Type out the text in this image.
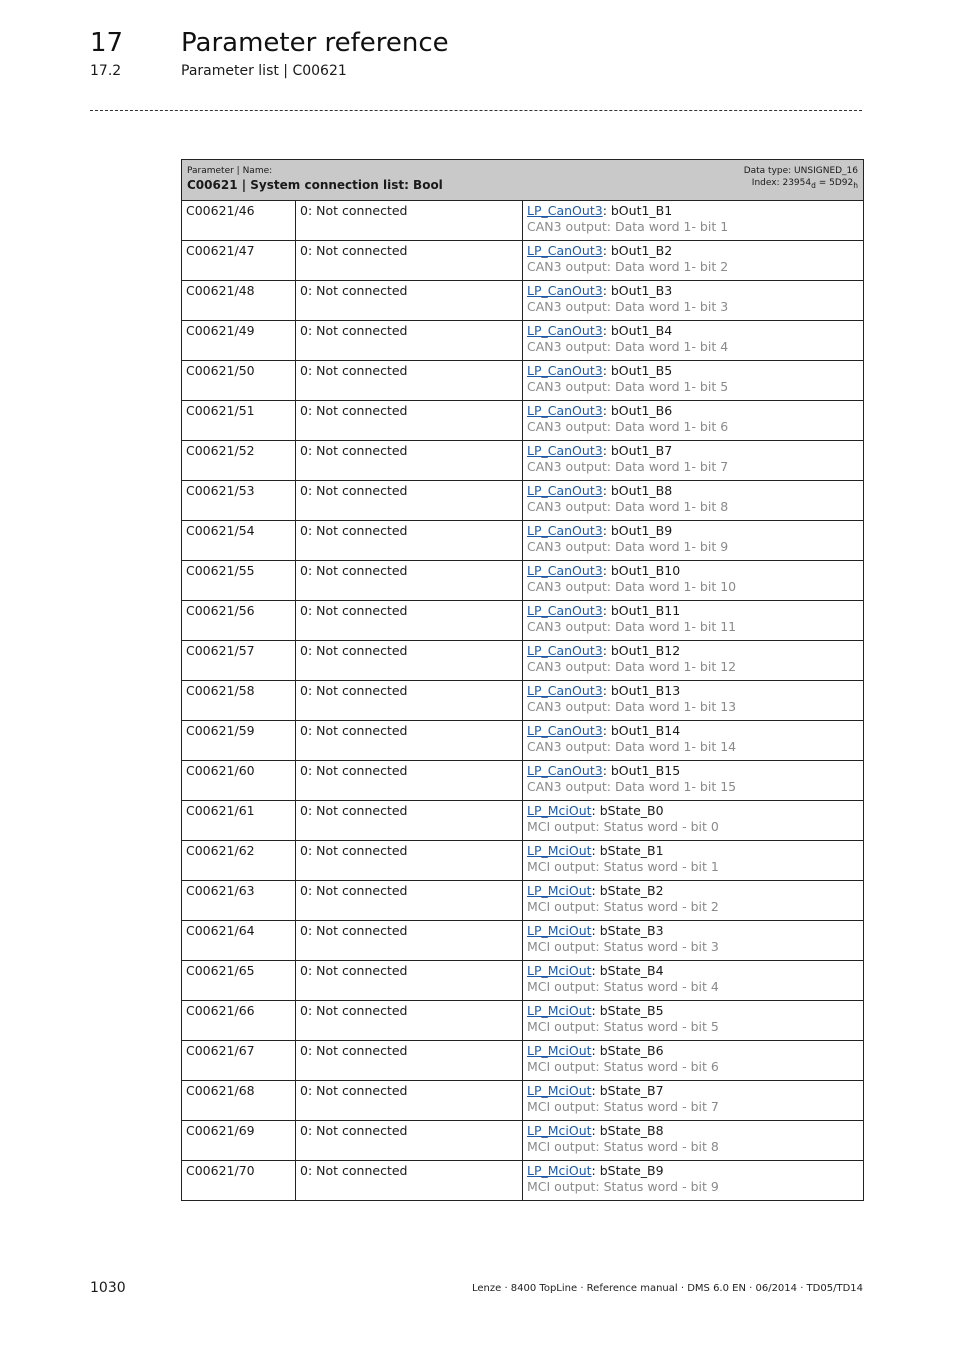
17 Parameter reference
17.2	Parameter list | C00621
Parameter | Name:
C00621 | System connection list: Bool
Data type: UNSIGNED_16
Index: $23954_d = 5D92_h$

C00621/46	0: Not connected	LP_CanOut3: bOut1_B1
CAN3 output: Data word 1- bit 1

C00621/47	0: Not connected	LP_CanOut3: bOut1_B2
CAN3 output: Data word 1- bit 2

C00621/48	0: Not connected	LP_CanOut3: bOut1_B3
CAN3 output: Data word 1- bit 3

C00621/49	0: Not connected	LP_CanOut3: bOut1_B4
CAN3 output: Data word 1- bit 4

C00621/50	0: Not connected	LP_CanOut3: bOut1_B5
CAN3 output: Data word 1- bit 5

C00621/51	0: Not connected	LP_CanOut3: bOut1_B6
CAN3 output: Data word 1- bit 6

C00621/52	0: Not connected	LP_CanOut3: bOut1_B7
CAN3 output: Data word 1- bit 7

C00621/53	0: Not connected	LP_CanOut3: bOut1_B8
CAN3 output: Data word 1- bit 8

C00621/54	0: Not connected	LP_CanOut3: bOut1_B9
CAN3 output: Data word 1- bit 9

C00621/55	0: Not connected	LP_CanOut3: bOut1_B10
CAN3 output: Data word 1- bit 10

C00621/56	0: Not connected	LP_CanOut3: bOut1_B11
CAN3 output: Data word 1- bit 11

C00621/57	0: Not connected	LP_CanOut3: bOut1_B12
CAN3 output: Data word 1- bit 12

C00621/58	0: Not connected	LP_CanOut3: bOut1_B13
CAN3 output: Data word 1- bit 13

C00621/59	0: Not connected	LP_CanOut3: bOut1_B14
CAN3 output: Data word 1- bit 14

C00621/60	0: Not connected	LP_CanOut3: bOut1_B15
CAN3 output: Data word 1- bit 15

C00621/61	0: Not connected	LP_MciOut: bState_B0
MCI output: Status word - bit 0

C00621/62	0: Not connected	LP_MciOut: bState_B1
MCI output: Status word - bit 1

C00621/63	0: Not connected	LP_MciOut: bState_B2
MCI output: Status word - bit 2

C00621/64	0: Not connected	LP_MciOut: bState_B3
MCI output: Status word - bit 3

C00621/65	0: Not connected	LP_MciOut: bState_B4
MCI output: Status word - bit 4

C00621/66	0: Not connected	LP_MciOut: bState_B5
MCI output: Status word - bit 5

C00621/67	0: Not connected	LP_MciOut: bState_B6
MCI output: Status word - bit 6

C00621/68	0: Not connected	LP_MciOut: bState_B7
MCI output: Status word - bit 7

C00621/69	0: Not connected	LP_MciOut: bState_B8
MCI output: Status word - bit 8

C00621/70	0: Not connected	LP_MciOut: bState_B9
MCI output: Status word - bit 9
1030	Lenze · 8400 TopLine · Reference manual · DMS 6.0 EN · 06/2014 · TD05/TD14
